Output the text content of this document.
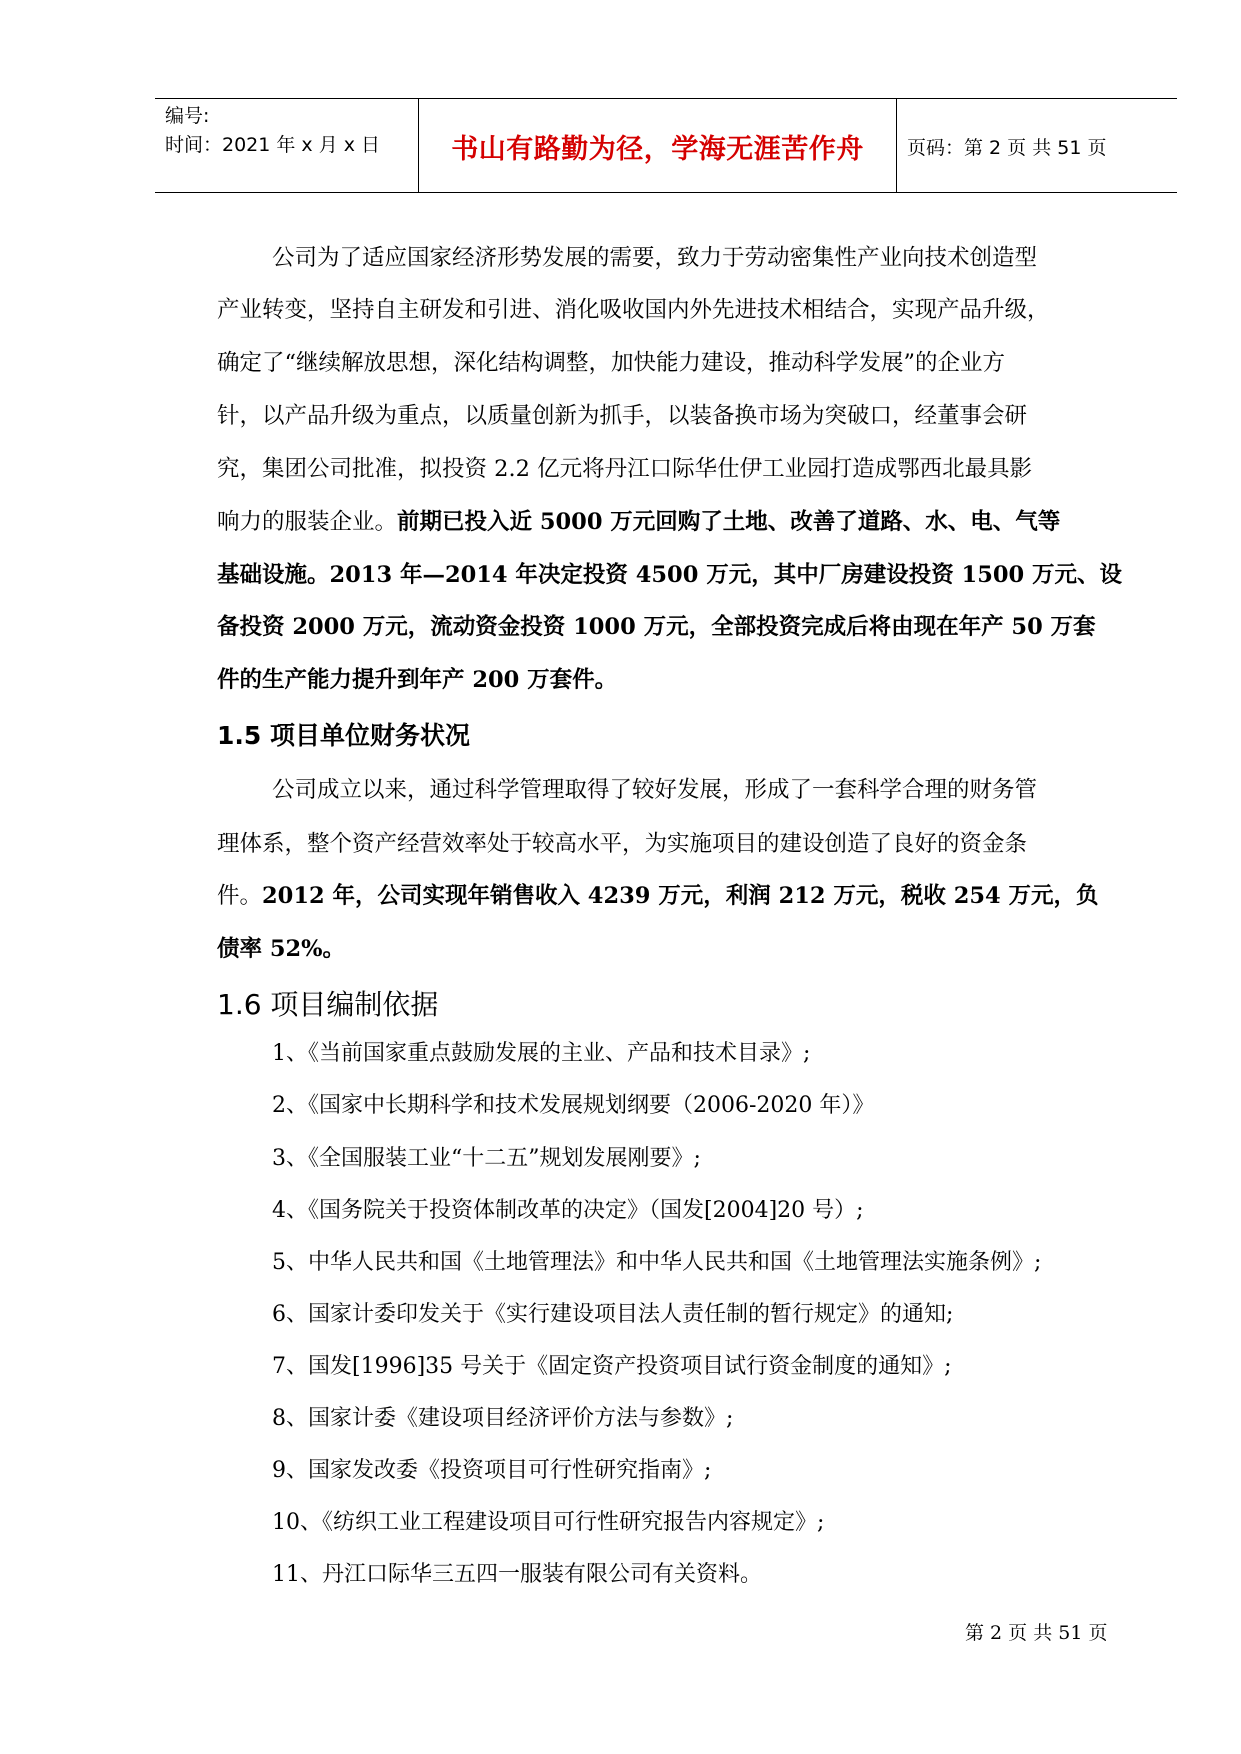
编号:
时间：2021 年 x 月 x 日	书山有路勤为径，学海无涯苦作舟	页码：第 2 页 共 51 页
公司为了适应国家经济形势发展的需要，致力于劳动密集性产业向技术创造型
产业转变，坚持自主研发和引进、消化吸收国内外先进技术相结合，实现产品升级，
确定了“继续解放思想，深化结构调整，加快能力建设，推动科学发展”的企业方
针，以产品升级为重点，以质量创新为抓手，以装备换市场为突破口，经董事会研
究，集团公司批准，拟投资 2.2 亿元将丹江口际华仕伊工业园打造成鄂西北最具影
响力的服装企业。前期已投入近 5000 万元回购了土地、改善了道路、水、电、气等
基础设施。2013 年—2014 年决定投资 4500 万元，其中厂房建设投资 1500 万元、设
备投资 2000 万元，流动资金投资 1000 万元，全部投资完成后将由现在年产 50 万套
件的生产能力提升到年产 200 万套件。
1.5 项目单位财务状况
公司成立以来，通过科学管理取得了较好发展，形成了一套科学合理的财务管
理体系，整个资产经营效率处于较高水平，为实施项目的建设创造了良好的资金条
件。2012 年，公司实现年销售收入 4239 万元，利润 212 万元，税收 254 万元，负
债率 52%。
1.6 项目编制依据
1、《当前国家重点鼓励发展的主业、产品和技术目录》;
2、《国家中长期科学和技术发展规划纲要（2006-2020 年）》
3、《全国服装工业“十二五”规划发展刚要》;
4、《国务院关于投资体制改革的决定》（国发[2004]20 号）;
5、中华人民共和国《土地管理法》和中华人民共和国《土地管理法实施条例》;
6、国家计委印发关于《实行建设项目法人责任制的暂行规定》的通知;
7、国发[1996]35 号关于《固定资产投资项目试行资金制度的通知》;
8、国家计委《建设项目经济评价方法与参数》;
9、国家发改委《投资项目可行性研究指南》;
10、《纺织工业工程建设项目可行性研究报告内容规定》;
11、丹江口际华三五四一服装有限公司有关资料。
第 2 页 共 51 页
